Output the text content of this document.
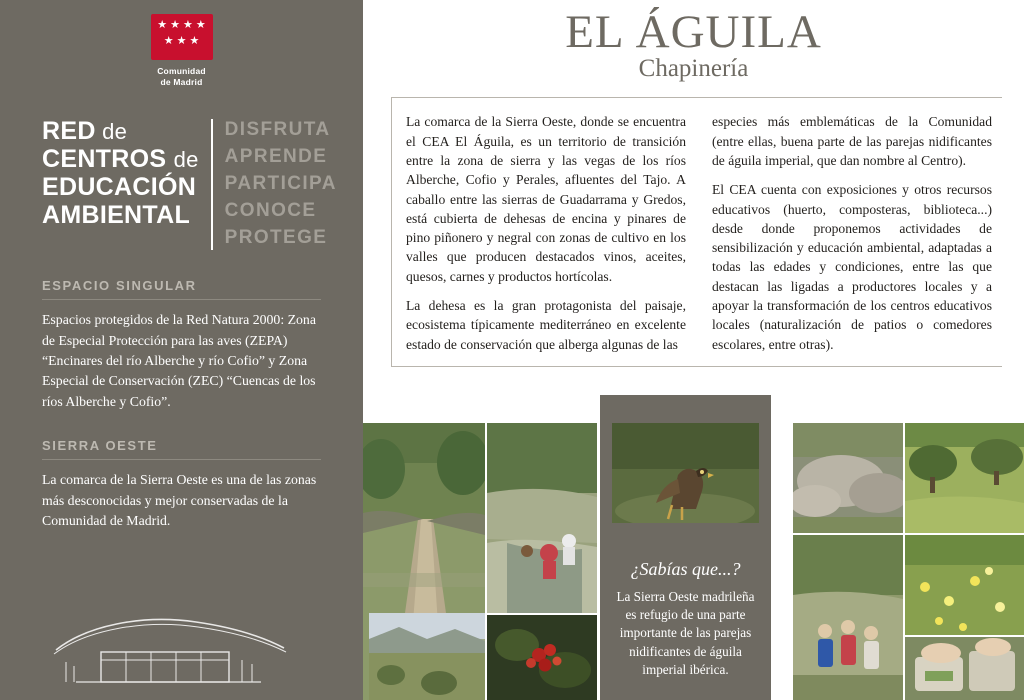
★ ★ ★ ★
★ ★ ★
Comunidad
de Madrid
RED de
CENTROS de
EDUCACIÓN
AMBIENTAL
DISFRUTA
APRENDE
PARTICIPA
CONOCE
PROTEGE
ESPACIO SINGULAR
Espacios protegidos de la Red Natura 2000: Zona de Especial Protección para las aves (ZEPA) “Encinares del río Alberche y río Cofio” y Zona Especial de Conservación (ZEC) “Cuencas de los ríos Alberche y Cofio”.
SIERRA OESTE
La comarca de la Sierra Oeste es una de las zonas más desconocidas y mejor conservadas de la Comunidad de Madrid.
EL ÁGUILA
Chapinería

La comarca de la Sierra Oeste, donde se encuentra el CEA El Águila, es un territorio de transición entre la zona de sierra y las vegas de los ríos Alberche, Cofio y Perales, afluentes del Tajo. A caballo entre las sierras de Guadarrama y Gredos, está cubierta de dehesas de encina y pinares de pino piñonero y negral con zonas de cultivo en los valles que producen destacados vinos, aceites, quesos, carnes y productos hortícolas.

La dehesa es la gran protagonista del paisaje, ecosistema típicamente mediterráneo en excelente estado de conservación que alberga algunas de las

especies más emblemáticas de la Comunidad (entre ellas, buena parte de las parejas nidificantes de águila imperial, que dan nombre al Centro).

El CEA cuenta con exposiciones y otros recursos educativos (huerto, composteras, biblioteca...) desde donde proponemos actividades de sensibilización y educación ambiental, adaptadas a todas las edades y condiciones, entre las que destacan las ligadas a productores locales y a apoyar la transformación de los centros educativos locales (naturalización de patios o comedores escolares, entre otras).

¿Sabías que...?
La Sierra Oeste madrileña es refugio de una parte importante de las parejas nidificantes de águila imperial ibérica.
